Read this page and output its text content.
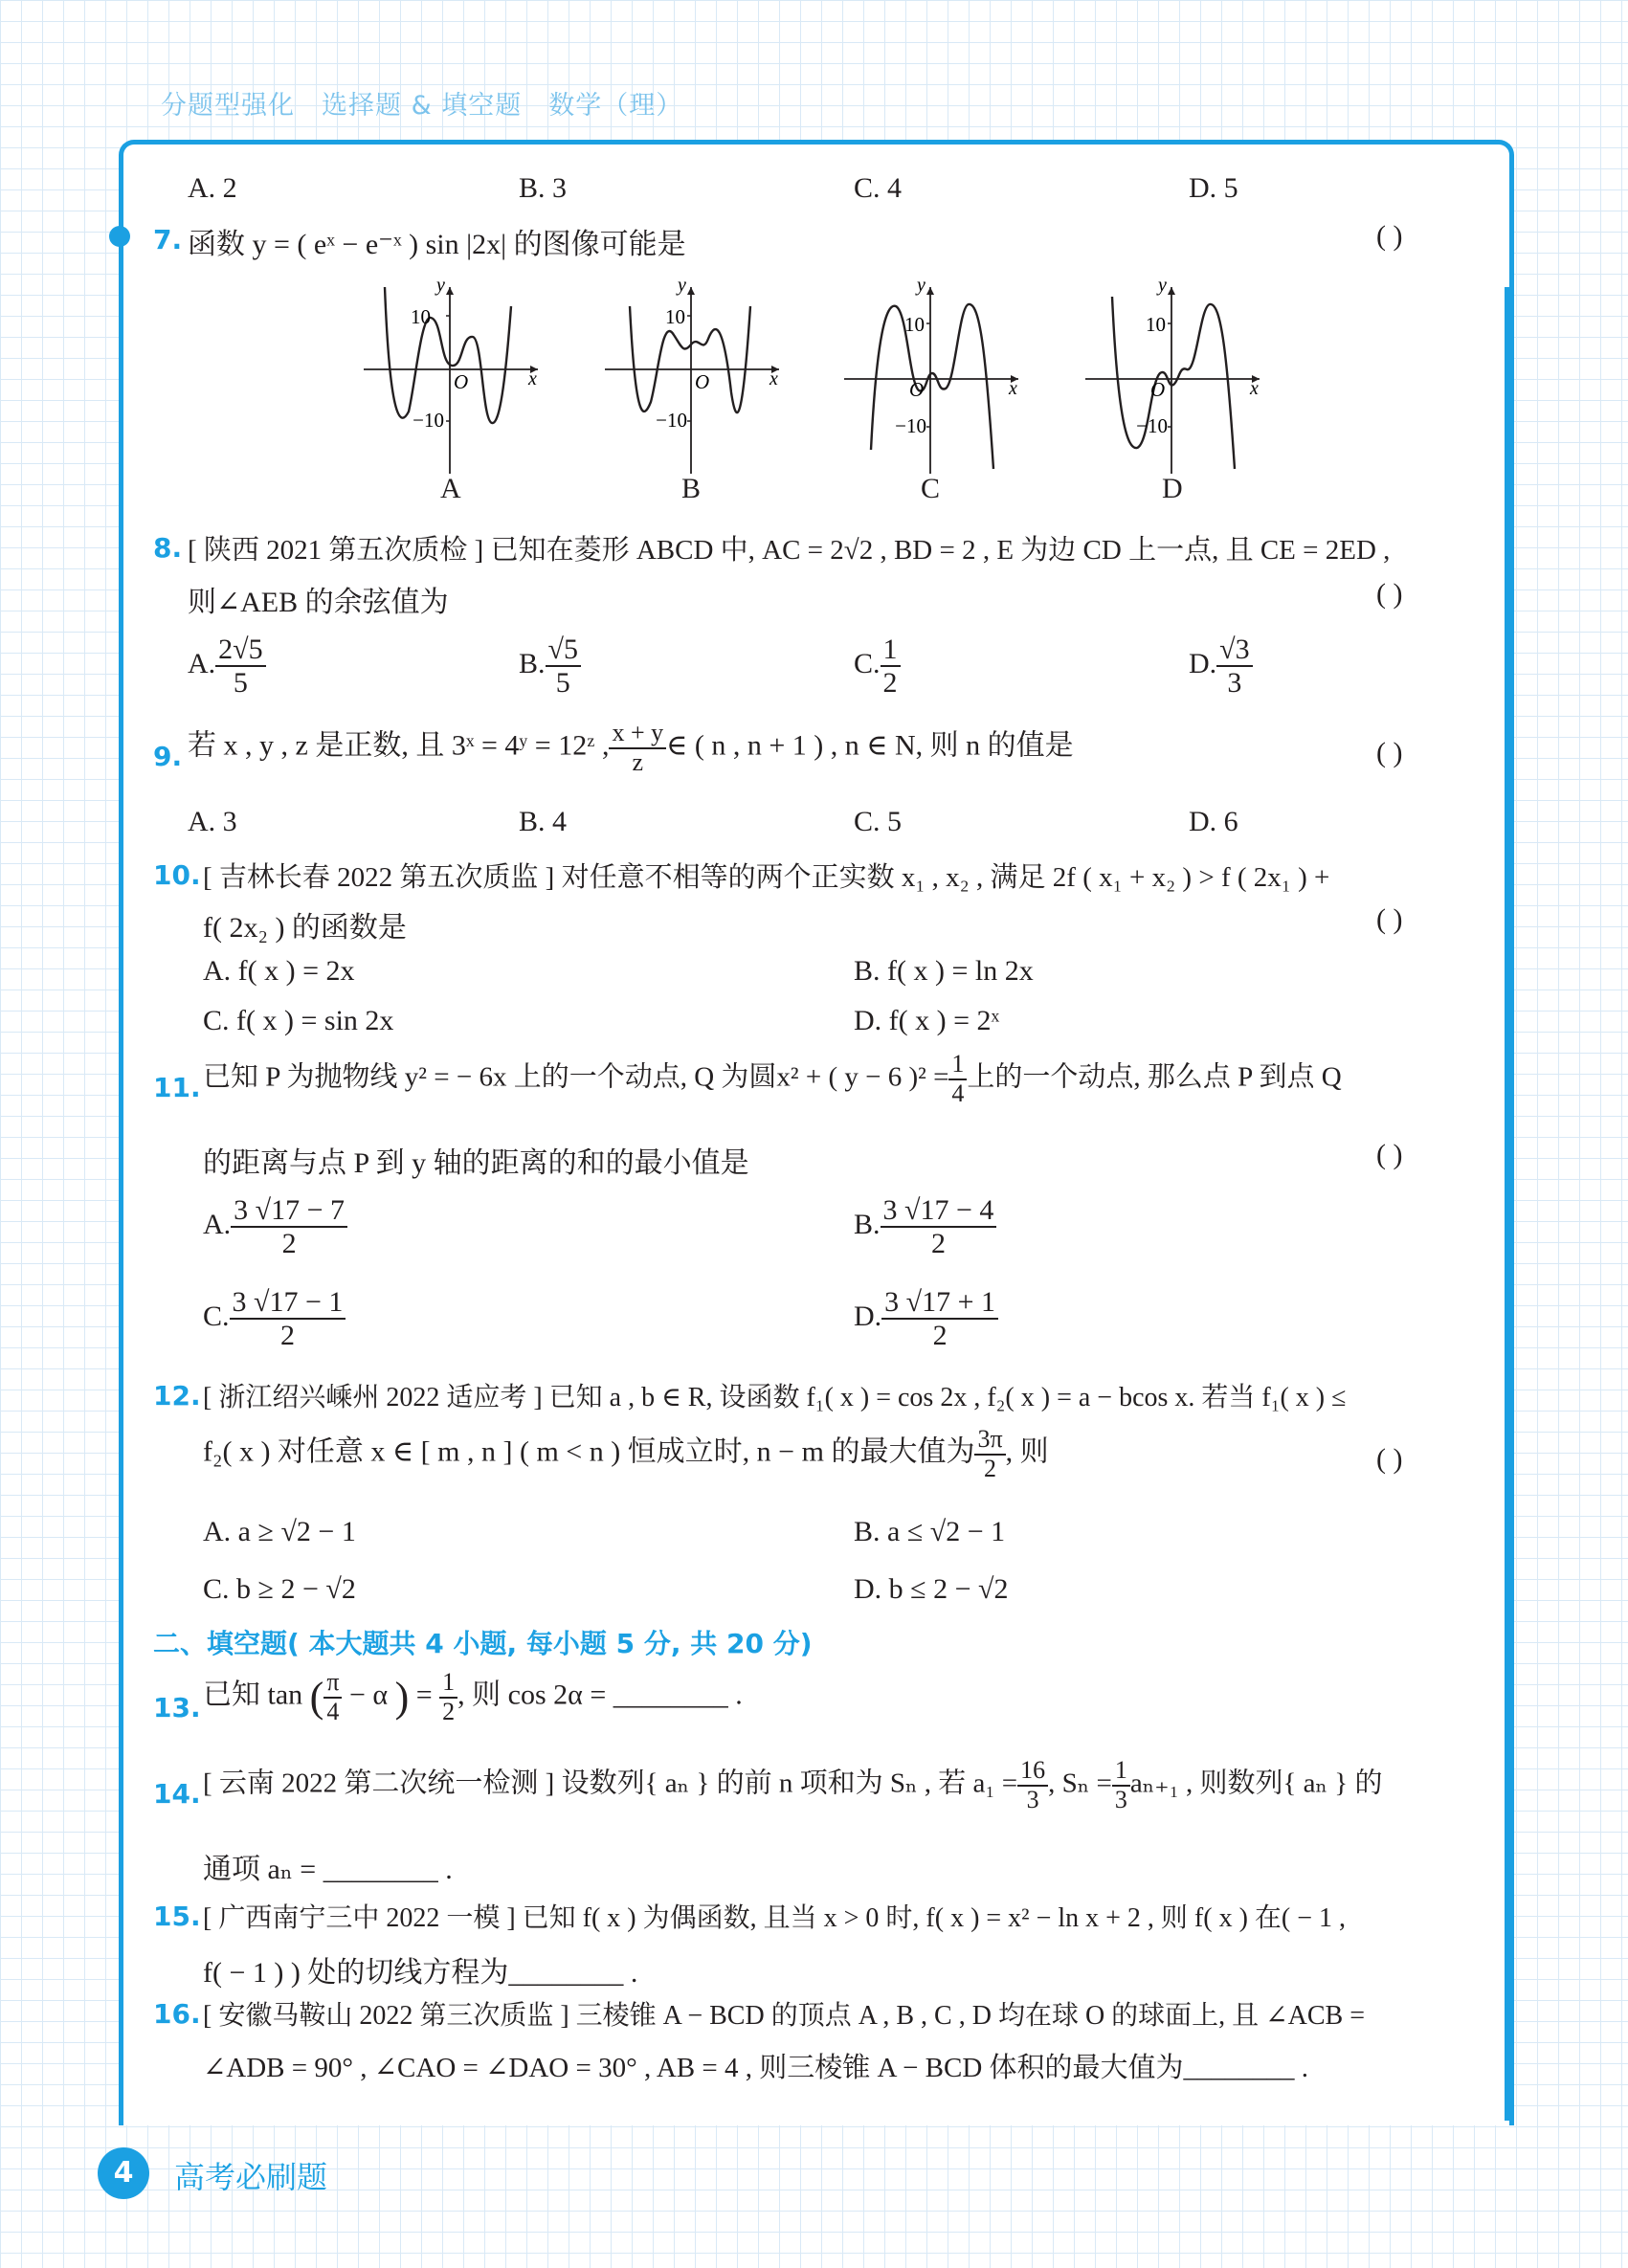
分题型强化 选择题 & 填空题 数学（理）
A. 2	B. 3	C. 4	D. 5
7. 函数 y = ( eˣ − e⁻ˣ ) sin |2x| 的图像可能是	( )
10
−10
O	x
y
A
10
−10
O	x
y
B
10
−10
O	x
y
C
10
−10
O	x
y
D
8. [ 陕西 2021 第五次质检 ] 已知在菱形 ABCD 中, AC = 2√2 , BD = 2 , E 为边 CD 上一点, 且 CE = 2ED ,
则∠AEB 的余弦值为	( )
A. $\frac{2√5}{5}$	B. $\frac{√5}{5}$	C. $\frac{1}{2}$	D. $\frac{√3}{3}$
9. 若 x , y , z 是正数, 且 3ˣ = 4ʸ = 12ᶻ , $\frac{x + y}{z}$ ∈ ( n , n + 1 ) , n ∈ N, 则 n 的值是	( )
A. 3	B. 4	C. 5	D. 6
10. [ 吉林长春 2022 第五次质监 ] 对任意不相等的两个正实数 x₁ , x₂ , 满足 2f ( x₁ + x₂ ) > f ( 2x₁ ) +
f( 2x₂ ) 的函数是	( )
A. f( x ) = 2x	B. f( x ) = ln 2x
C. f( x ) = sin 2x	D. f( x ) = 2ˣ
11. 已知 P 为抛物线 y² = − 6x 上的一个动点, Q 为圆x² + ( y − 6 )$^2 = \frac{1}{4}$ 上的一个动点, 那么点 P 到点 Q
的距离与点 P 到 y 轴的距离的和的最小值是	( )
A. $\frac{3 √17 - 7}{2}$	B. $\frac{3 √17 - 4}{2}$
C. $\frac{3 √17 - 1}{2}$	D. $\frac{3 √17 + 1}{2}$
12. [ 浙江绍兴嵊州 2022 适应考 ] 已知 a , b ∈ R, 设函数 f₁( x ) = cos 2x , f₂( x ) = a − bcos x. 若当 f₁( x ) ≤
f₂( x ) 对任意 x ∈ [ m , n ] ( m < n ) 恒成立时, n − m 的最大值为 $\frac{3\pi}{2}$ , 则	( )
A. a ≥ √2 − 1	B. a ≤ √2 − 1
C. b ≥ 2 − √2	D. b ≤ 2 − √2
二、填空题( 本大题共 4 小题, 每小题 5 分, 共 20 分)
13. 已知 tan ( $\frac{\pi}{4} - \alpha$ ) = $\frac{1}{2}$ , 则 cos 2α = ________ .
14. [ 云南 2022 第二次统一检测 ] 设数列{ aₙ } 的前 n 项和为 Sₙ , 若 $a_1 = \frac{16}{3}$ , $S_n = \frac{1}{3} a_{n+1}$ , 则数列{ aₙ } 的
通项 aₙ = ________ .
15. [ 广西南宁三中 2022 一模 ] 已知 f( x ) 为偶函数, 且当 x > 0 时, f( x ) = x² − ln x + 2 , 则 f( x ) 在( − 1 ,
f( − 1 ) ) 处的切线方程为________ .
16. [ 安徽马鞍山 2022 第三次质监 ] 三棱锥 A − BCD 的顶点 A , B , C , D 均在球 O 的球面上, 且 ∠ACB =
∠ADB = 90° , ∠CAO = ∠DAO = 30° , AB = 4 , 则三棱锥 A − BCD 体积的最大值为________ .
4	高考必刷题
